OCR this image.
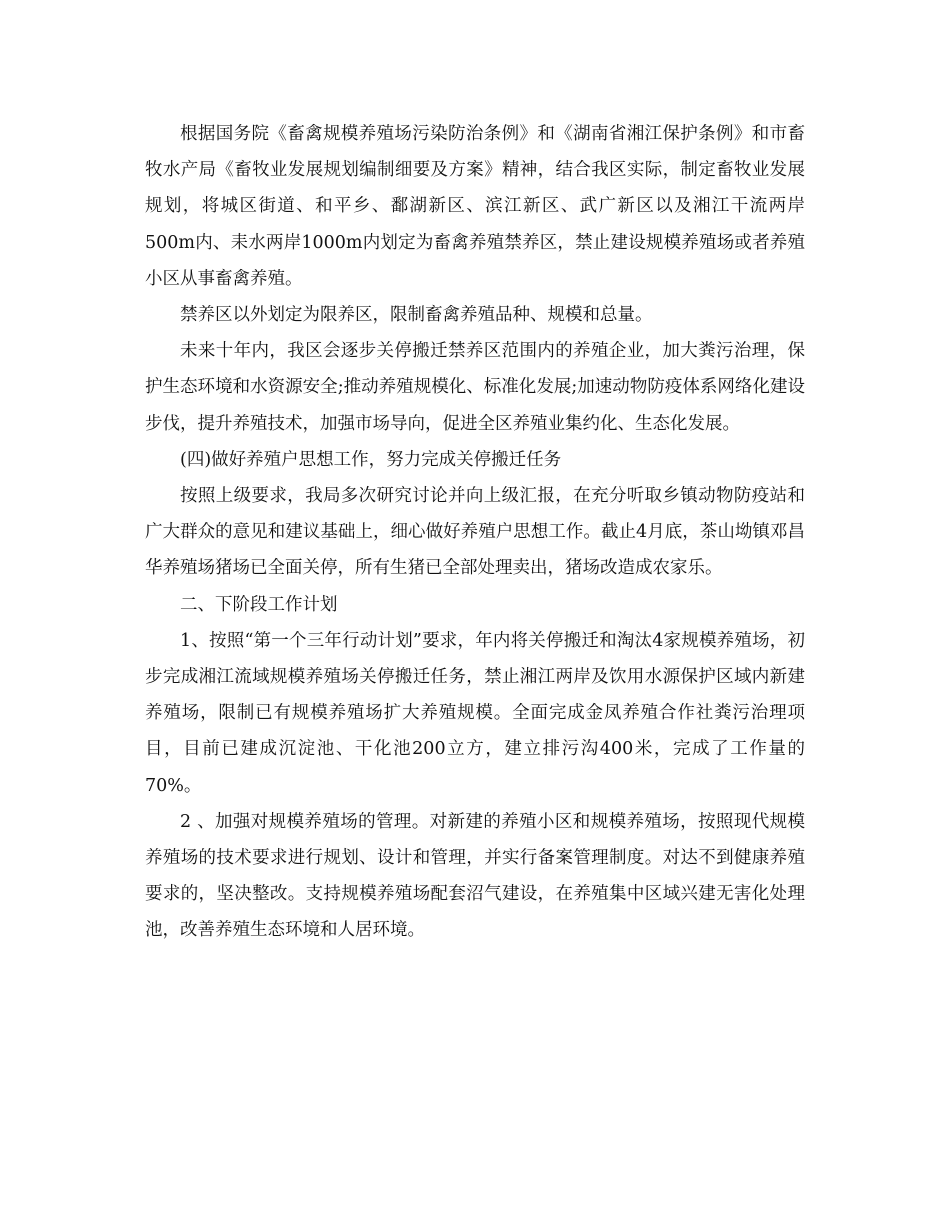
根据国务院《畜禽规模养殖场污染防治条例》和《湖南省湘江保护条例》和市畜牧水产局《畜牧业发展规划编制细要及方案》精神，结合我区实际，制定畜牧业发展规划，将城区街道、和平乡、鄱湖新区、滨江新区、武广新区以及湘江干流两岸500m内、耒水两岸1000m内划定为畜禽养殖禁养区，禁止建设规模养殖场或者养殖小区从事畜禽养殖。

禁养区以外划定为限养区，限制畜禽养殖品种、规模和总量。

未来十年内，我区会逐步关停搬迁禁养区范围内的养殖企业，加大粪污治理，保护生态环境和水资源安全;推动养殖规模化、标准化发展;加速动物防疫体系网络化建设步伐，提升养殖技术，加强市场导向，促进全区养殖业集约化、生态化发展。

(四)做好养殖户思想工作，努力完成关停搬迁任务

按照上级要求，我局多次研究讨论并向上级汇报，在充分听取乡镇动物防疫站和广大群众的意见和建议基础上，细心做好养殖户思想工作。截止4月底，茶山坳镇邓昌华养殖场猪场已全面关停，所有生猪已全部处理卖出，猪场改造成农家乐。

二、下阶段工作计划

1、按照“第一个三年行动计划”要求，年内将关停搬迁和淘汰4家规模养殖场，初步完成湘江流域规模养殖场关停搬迁任务，禁止湘江两岸及饮用水源保护区域内新建养殖场，限制已有规模养殖场扩大养殖规模。全面完成金凤养殖合作社粪污治理项目，目前已建成沉淀池、干化池200立方，建立排污沟400米，完成了工作量的70%。

2 、加强对规模养殖场的管理。对新建的养殖小区和规模养殖场，按照现代规模养殖场的技术要求进行规划、设计和管理，并实行备案管理制度。对达不到健康养殖要求的，坚决整改。支持规模养殖场配套沼气建设，在养殖集中区域兴建无害化处理池，改善养殖生态环境和人居环境。
